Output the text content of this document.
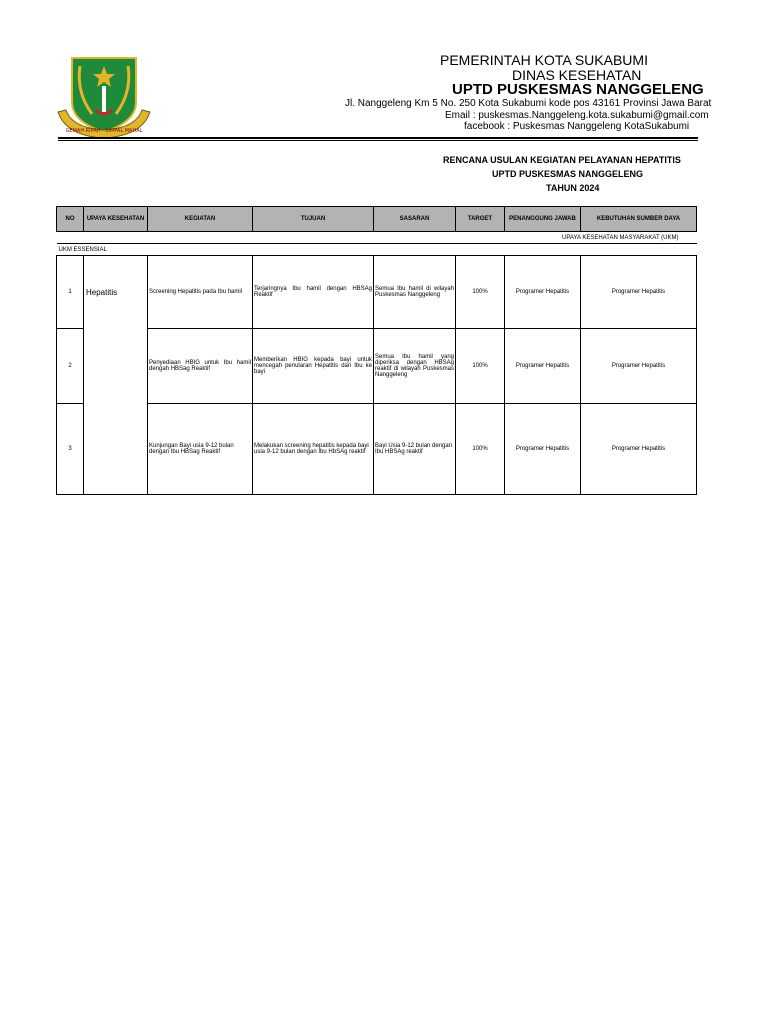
GEMAH RIPAH · SIMPAL MAHAL
PEMERINTAH KOTA SUKABUMI
DINAS KESEHATAN
UPTD PUSKESMAS NANGGELENG
Jl. Nanggeleng Km 5 No. 250 Kota Sukabumi kode pos 43161 Provinsi Jawa Barat
Email : puskesmas.Nanggeleng.kota.sukabumi@gmail.com
facebook : Puskesmas Nanggeleng KotaSukabumi
RENCANA USULAN KEGIATAN PELAYANAN HEPATITIS
UPTD PUSKESMAS NANGGELENG
TAHUN 2024
NO	UPAYA KESEHATAN	KEGIATAN	TUJUAN	SASARAN	TARGET	PENANGGUNG JAWAB	KEBUTUHAN SUMBER DAYA
UPAYA KESEHATAN MASYARAKAT (UKM)							
UKM ESSENSIAL							
1	Hepatitis	Screening Hepatitis pada Ibu hamil	Terjaringnya Ibu hamil dengan HBSAg Reaktif	Semua Ibu hamil di wilayah Puskesmas Nanggeleng	100%	Programer Hepatitis	Programer Hepatitis
2		Penyediaan HBIG untuk Ibu hamil dengah HBSag Reaktif	Memberikan HBIG kepada bayi untuk mencegah penularan Hepatitis dari Ibu ke bayi	Semua Ibu hamil yang diperiksa dengan HBSAg reaktif di wilayah Puskesmas Nanggeleng	100%	Programer Hepatitis	Programer Hepatitis
3		Kunjungan Bayi usia 9-12 bulan dengan Ibu HBSag Reaktif	Melakukan screening hepatitis kepada bayi usia 9-12 bulan dengan Ibu HbSAg reaktif	Bayi Usia 9-12 bulan dengan Ibu HBSAg reaktif	100%	Programer Hepatitis	Programer Hepatitis
